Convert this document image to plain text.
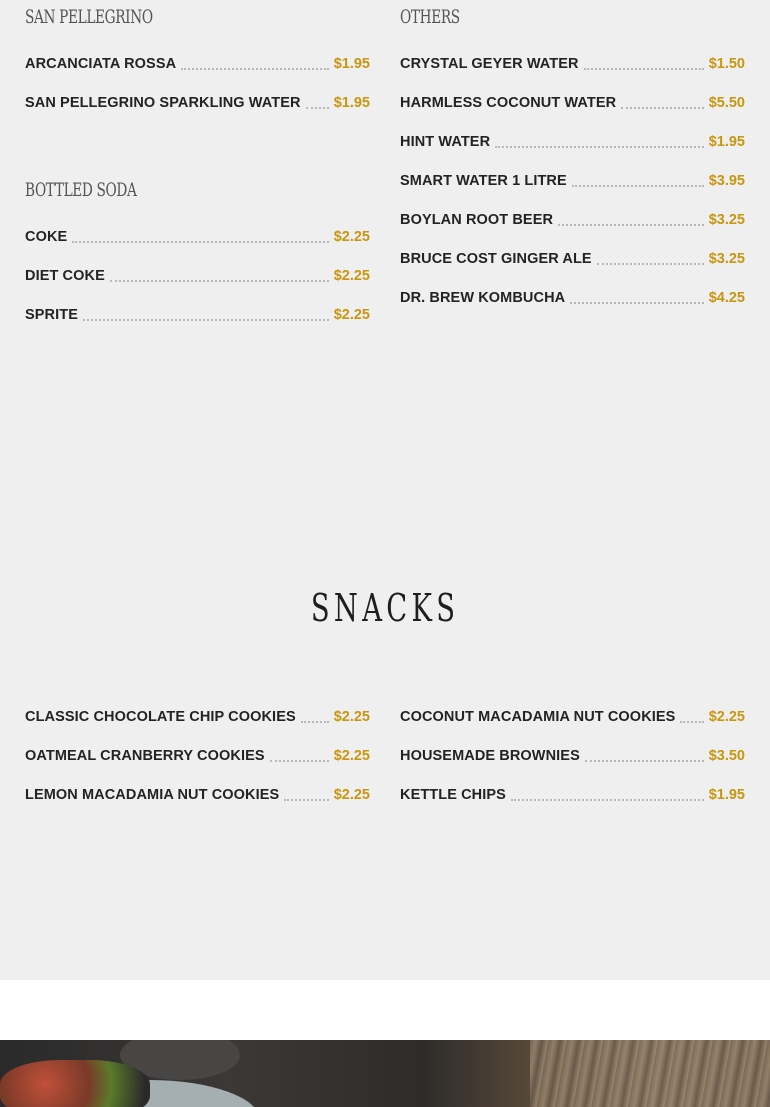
SAN PELLEGRINO
ARCANCIATA ROSSA	$1.95
SAN PELLEGRINO SPARKLING WATER $1.95
BOTTLED SODA
COKE	$2.25
DIET COKE	$2.25
SPRITE	$2.25
OTHERS
CRYSTAL GEYER WATER	$1.50
HARMLESS COCONUT WATER	$5.50
HINT WATER	$1.95
SMART WATER 1 LITRE	$3.95
BOYLAN ROOT BEER	$3.25
BRUCE COST GINGER ALE	$3.25
DR. BREW KOMBUCHA	$4.25
SNACKS
CLASSIC CHOCOLATE CHIP COOKIES	$2.25
OATMEAL CRANBERRY COOKIES	$2.25
LEMON MACADAMIA NUT COOKIES	$2.25
COCONUT MACADAMIA NUT COOKIES $2.25
HOUSEMADE BROWNIES	$3.50
KETTLE CHIPS	$1.95
